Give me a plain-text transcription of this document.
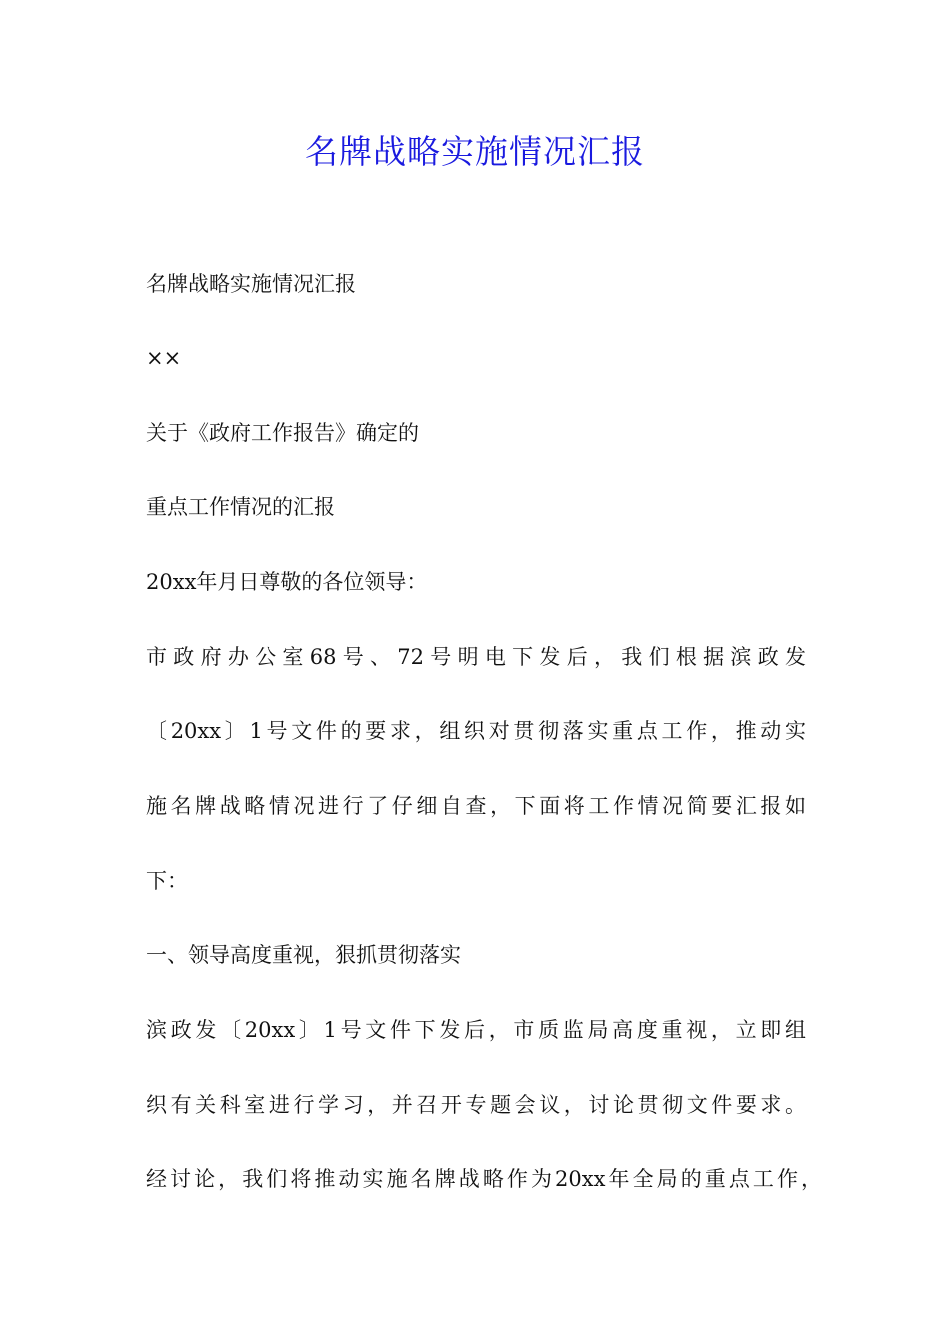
名牌战略实施情况汇报

名牌战略实施情况汇报

××

关于《政府工作报告》确定的

重点工作情况的汇报

20xx年月日尊敬的各位领导：

市政府办公室68号、72号明电下发后，我们根据滨政发

〔20xx〕1号文件的要求，组织对贯彻落实重点工作，推动实

施名牌战略情况进行了仔细自查，下面将工作情况简要汇报如

下：

一、领导高度重视，狠抓贯彻落实

滨政发〔20xx〕1号文件下发后，市质监局高度重视，立即组

织有关科室进行学习，并召开专题会议，讨论贯彻文件要求。

经讨论，我们将推动实施名牌战略作为20xx年全局的重点工作，
